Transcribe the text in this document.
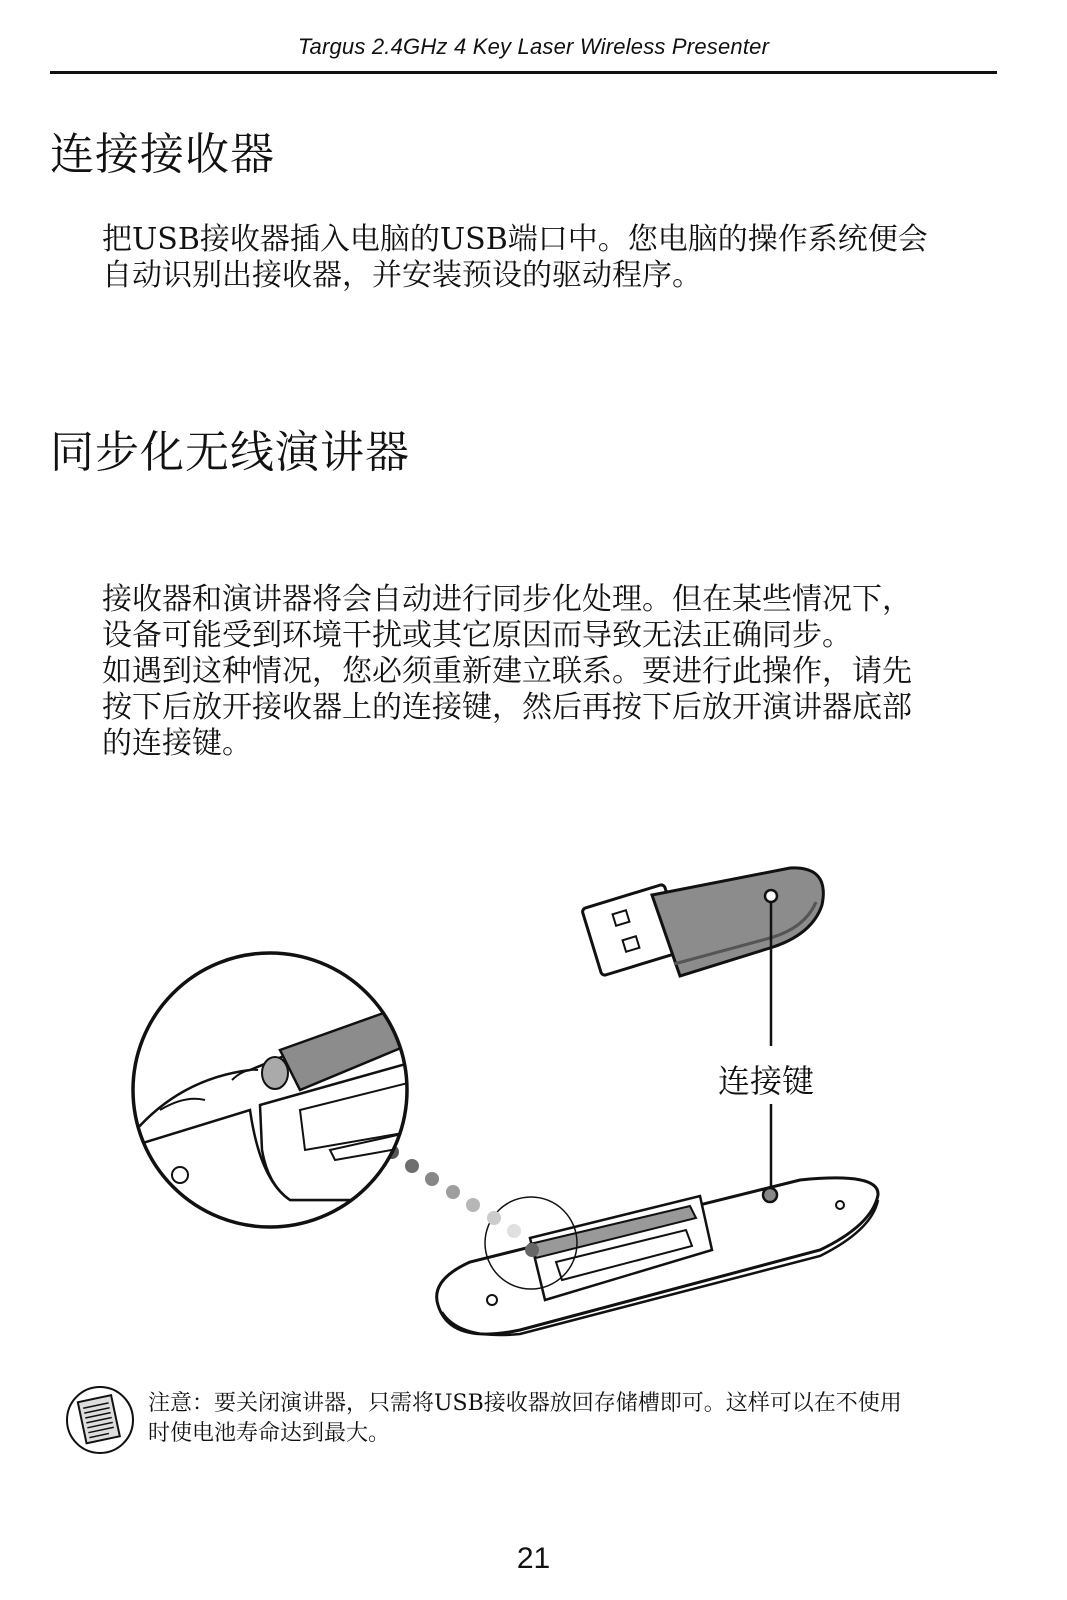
Targus 2.4GHz 4 Key Laser Wireless Presenter
连接接收器

把USB接收器插入电脑的USB端口中。您电脑的操作系统便会

自动识别出接收器，并安装预设的驱动程序。

同步化无线演讲器

接收器和演讲器将会自动进行同步化处理。但在某些情况下，

设备可能受到环境干扰或其它原因而导致无法正确同步。

如遇到这种情况，您必须重新建立联系。要进行此操作，请先

按下后放开接收器上的连接键，然后再按下后放开演讲器底部

的连接键。

连接键
注意：要关闭演讲器，只需将USB接收器放回存储槽即可。这样可以在不使用
时使电池寿命达到最大。
21
